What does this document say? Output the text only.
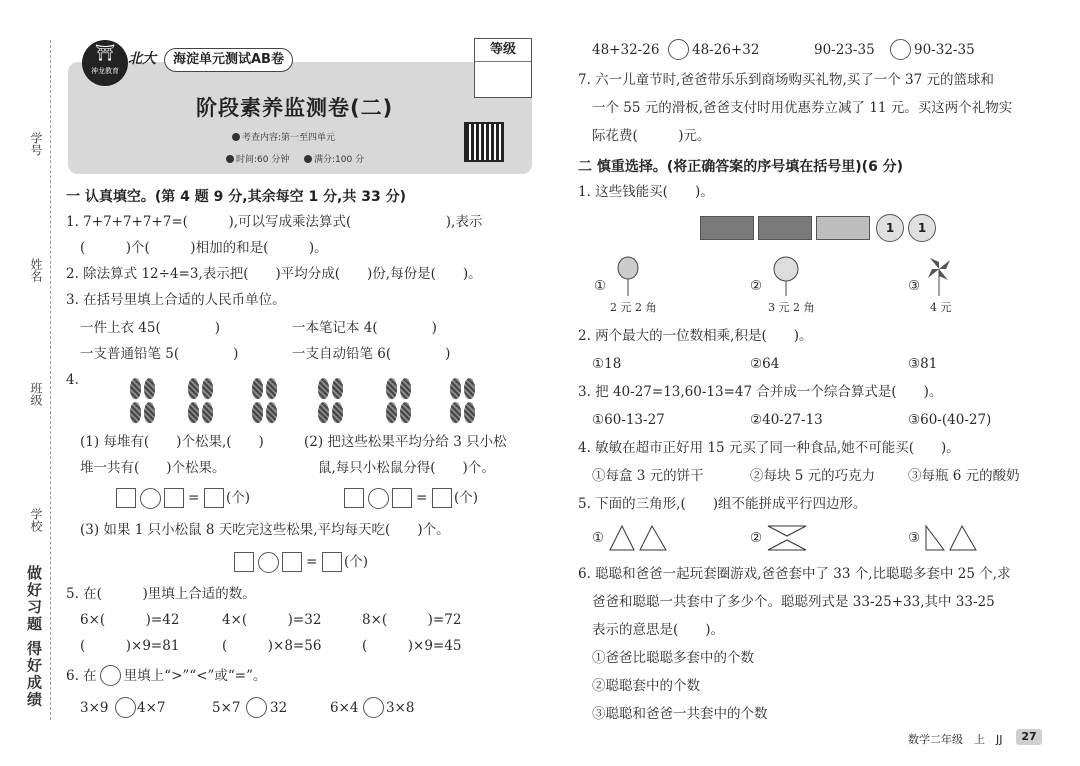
学号
姓名
班级
学校
做好习题 得好成绩
⛩
神龙教育
北大	海淀单元测试AB卷
等级
阶段素养监测卷(二)
考查内容:第一至四单元
时间:60 分钟	满分:100 分
一 认真填空。(第 4 题 9 分,其余每空 1 分,共 33 分)
1. 7+7+7+7+7=(　　　),可以写成乘法算式(　　　　　　　),表示
(　　　)个(　　　)相加的和是(　　　)。
2. 除法算式 12÷4=3,表示把(　　)平均分成(　　)份,每份是(　　)。
3. 在括号里填上合适的人民币单位。
一件上衣 45(　　　　)	一本笔记本 4(　　　　)
一支普通铅笔 5(　　　　)	一支自动铅笔 6(　　　　)
4.
(1) 每堆有(　　)个松果,(　　)
堆一共有(　　)个松果。
(2) 把这些松果平均分给 3 只小松
鼠,每只小松鼠分得(　　)个。
= (个)	= (个)
(3) 如果 1 只小松鼠 8 天吃完这些松果,平均每天吃(　　)个。
= (个)
5. 在(　　　)里填上合适的数。
6×(　　　)=42	4×(　　　)=32	8×(　　　)=72
(　　　)×9=81	(　　　)×8=56	(　　　)×9=45
6. 在　　里填上“>”“<”或“=”。
3×9 4×7	5×7 32	6×4 3×8
48+32-26 48-26+32	90-23-35	90-32-35
7. 六一儿童节时,爸爸带乐乐到商场购买礼物,买了一个 37 元的篮球和
一个 55 元的滑板,爸爸支付时用优惠券立减了 11 元。买这两个礼物实
际花费(　　　)元。
二 慎重选择。(将正确答案的序号填在括号里)(6 分)
1. 这些钱能买(　　)。
1	1
①
2 元 2 角
②
3 元 2 角
③
4 元
2. 两个最大的一位数相乘,积是(　　)。
①18	②64	③81
3. 把 40-27=13,60-13=47 合并成一个综合算式是(　　)。
①60-13-27	②40-27-13	③60-(40-27)
4. 敏敏在超市正好用 15 元买了同一种食品,她不可能买(　　)。
①每盒 3 元的饼干	②每块 5 元的巧克力 ③每瓶 6 元的酸奶
5. 下面的三角形,(　　)组不能拼成平行四边形。
①	②	③
6. 聪聪和爸爸一起玩套圈游戏,爸爸套中了 33 个,比聪聪多套中 25 个,求
爸爸和聪聪一共套中了多少个。聪聪列式是 33-25+33,其中 33-25
表示的意思是(　　)。
①爸爸比聪聪多套中的个数
②聪聪套中的个数
③聪聪和爸爸一共套中的个数
数学二年级　上　JJ	27
